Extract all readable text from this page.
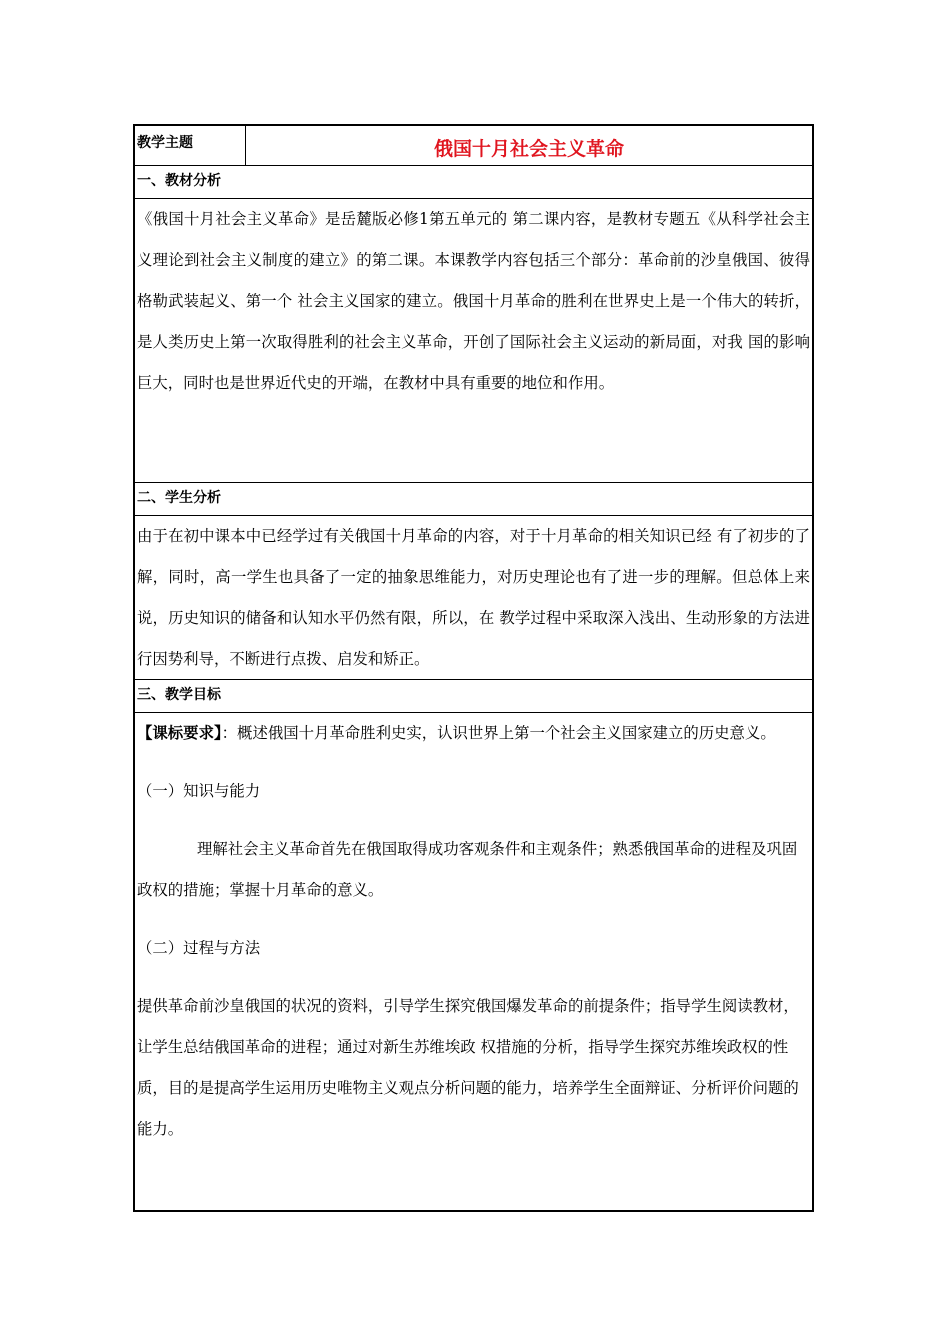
教学主题	俄国十月社会主义革命
一、教材分析
《俄国十月社会主义革命》是岳麓版必修1第五单元的 第二课内容，是教材专题五《从科学社会主义理论到社会主义制度的建立》的第二课。本课教学内容包括三个部分：革命前的沙皇俄国、彼得格勒武装起义、第一个 社会主义国家的建立。俄国十月革命的胜利在世界史上是一个伟大的转折，是人类历史上第一次取得胜利的社会主义革命，开创了国际社会主义运动的新局面，对我 国的影响巨大，同时也是世界近代史的开端，在教材中具有重要的地位和作用。
二、学生分析
由于在初中课本中已经学过有关俄国十月革命的内容，对于十月革命的相关知识已经 有了初步的了解，同时，高一学生也具备了一定的抽象思维能力，对历史理论也有了进一步的理解。但总体上来说，历史知识的储备和认知水平仍然有限，所以，在 教学过程中采取深入浅出、生动形象的方法进行因势利导，不断进行点拨、启发和矫正。
三、教学目标
【课标要求】：概述俄国十月革命胜利史实，认识世界上第一个社会主义国家建立的历史意义。
（一）知识与能力
理解社会主义革命首先在俄国取得成功客观条件和主观条件；熟悉俄国革命的进程及巩固政权的措施；掌握十月革命的意义。
（二）过程与方法
提供革命前沙皇俄国的状况的资料，引导学生探究俄国爆发革命的前提条件；指导学生阅读教材，让学生总结俄国革命的进程；通过对新生苏维埃政 权措施的分析，指导学生探究苏维埃政权的性质，目的是提高学生运用历史唯物主义观点分析问题的能力，培养学生全面辩证、分析评价问题的能力。
